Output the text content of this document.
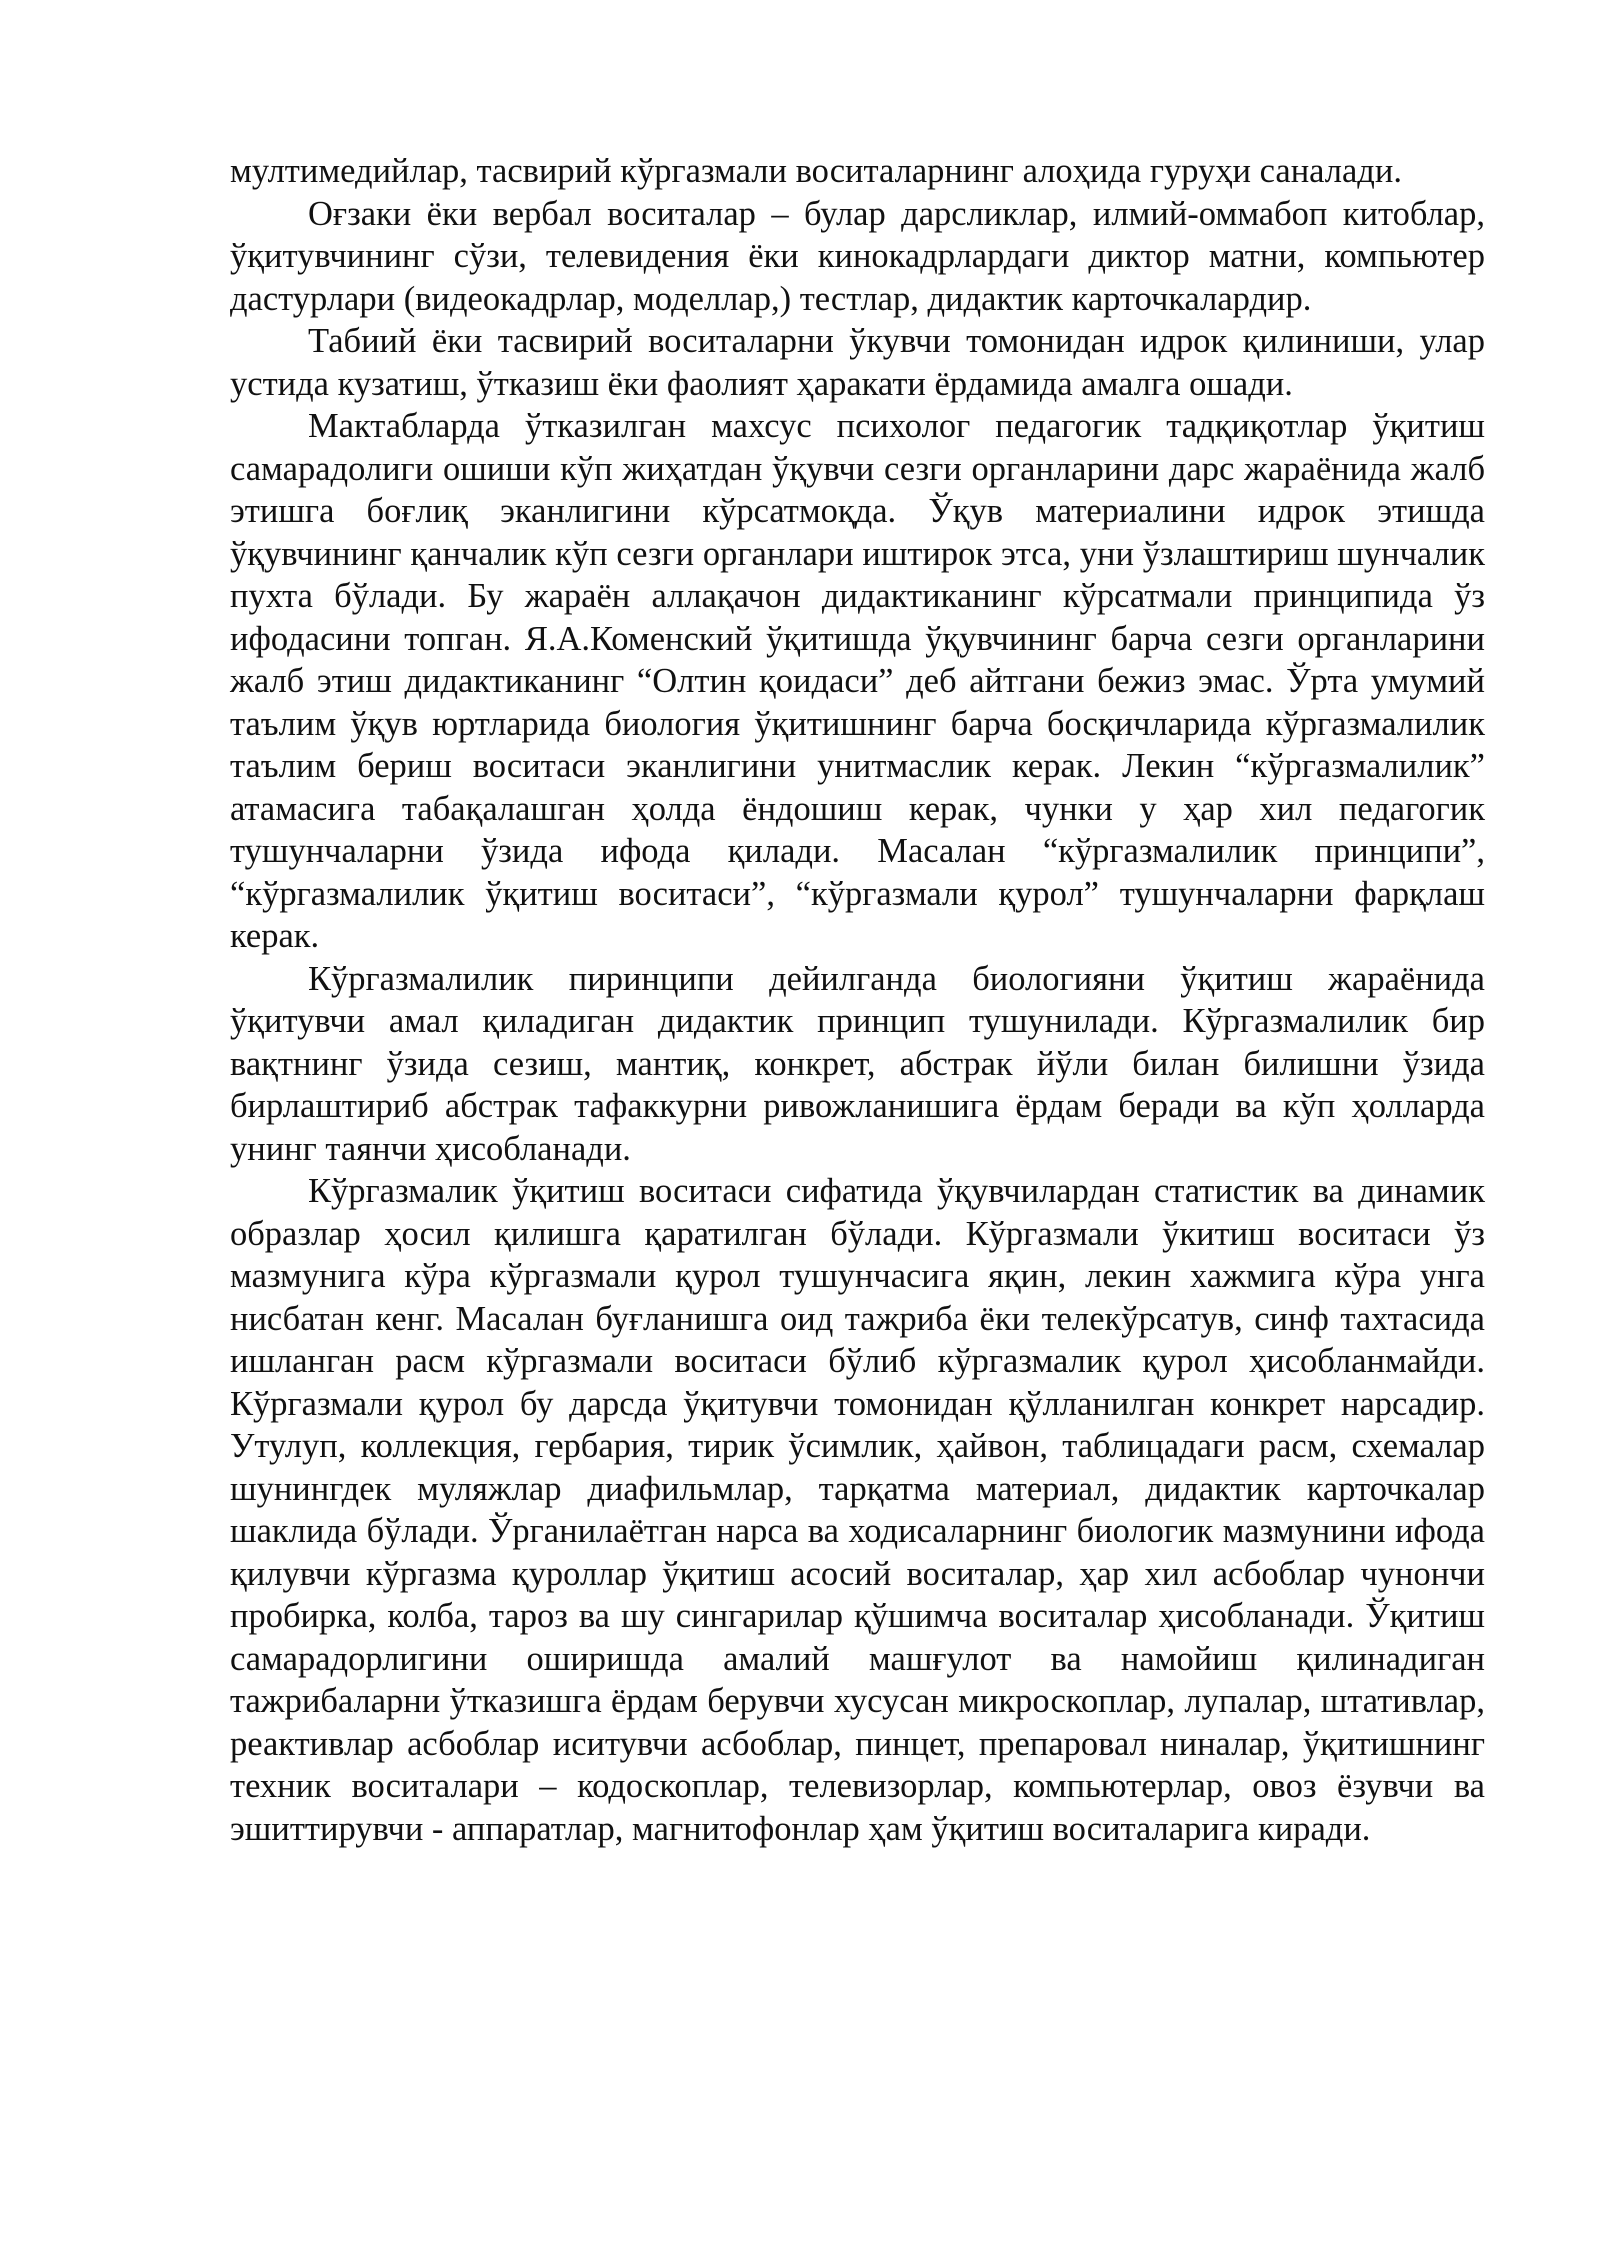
мултимедийлар, тасвирий кўргазмали воситаларнинг алоҳида гуруҳи саналади.

Оғзаки ёки вербал воситалар – булар дарсликлар, илмий-оммабоп китоблар, ўқитувчининг сўзи, телевидения ёки кинокадрлардаги диктор матни, компьютер дастурлари (видеокадрлар, моделлар,) тестлар, дидактик карточкалардир.

Табиий ёки тасвирий воситаларни ўкувчи томонидан идрок қилиниши, улар устида кузатиш, ўтказиш ёки фаолият ҳаракати ёрдамида амалга ошади.

Мактабларда ўтказилган махсус психолог педагогик тадқиқотлар ўқитиш самарадолиги ошиши кўп жиҳатдан ўқувчи сезги органларини дарс жараёнида жалб этишга боғлиқ эканлигини кўрсатмоқда. Ўқув материалини идрок этишда ўқувчининг қанчалик кўп сезги органлари иштирок этса, уни ўзлаштириш шунчалик пухта бўлади. Бу жараён аллақачон дидактиканинг кўрсатмали принципида ўз ифодасини топган. Я.А.Коменский ўқитишда ўқувчининг барча сезги органларини жалб этиш дидактиканинг “Олтин қоидаси” деб айтгани бежиз эмас. Ўрта умумий таълим ўқув юртларида биология ўқитишнинг барча босқичларида кўргазмалилик таълим бериш воситаси эканлигини унитмаслик керак. Лекин “кўргазмалилик” атамасига табақалашган ҳолда ёндошиш керак, чунки у ҳар хил педагогик тушунчаларни ўзида ифода қилади. Масалан “кўргазмалилик принципи”, “кўргазмалилик ўқитиш воситаси”, “кўргазмали қурол” тушунчаларни фарқлаш керак.

Кўргазмалилик пиринципи дейилганда биологияни ўқитиш жараёнида ўқитувчи амал қиладиган дидактик принцип тушунилади. Кўргазмалилик бир вақтнинг ўзида сезиш, мантиқ, конкрет, абстрак йўли билан билишни ўзида бирлаштириб абстрак тафаккурни ривожланишига ёрдам беради ва кўп ҳолларда унинг таянчи ҳисобланади.

Кўргазмалик ўқитиш воситаси сифатида ўқувчилардан статистик ва динамик образлар ҳосил қилишга қаратилган бўлади. Кўргазмали ўкитиш воситаси ўз мазмунига кўра кўргазмали қурол тушунчасига яқин, лекин хажмига кўра унга нисбатан кенг. Масалан буғланишга оид тажриба ёки телекўрсатув, синф тахтасида ишланган расм кўргазмали воситаси бўлиб кўргазмалик қурол ҳисобланмайди. Кўргазмали қурол бу дарсда ўқитувчи томонидан қўлланилган конкрет нарсадир. Утулуп, коллекция, гербария, тирик ўсимлик, ҳайвон, таблицадаги расм, схемалар шунингдек муляжлар диафильмлар, тарқатма материал, дидактик карточкалар шаклида бўлади. Ўрганилаётган нарса ва ходисаларнинг биологик мазмунини ифода қилувчи кўргазма қуроллар ўқитиш асосий воситалар, ҳар хил асбоблар чунончи пробирка, колба, тароз ва шу сингарилар қўшимча воситалар ҳисобланади. Ўқитиш самарадорлигини оширишда амалий машғулот ва намойиш қилинадиган тажрибаларни ўтказишга ёрдам берувчи хусусан микроскоплар, лупалар, штативлар, реактивлар асбоблар иситувчи асбоблар, пинцет, препаровал ниналар, ўқитишнинг техник воситалари – кодоскоплар, телевизорлар, компьютерлар, овоз ёзувчи ва эшиттирувчи - аппаратлар, магнитофонлар ҳам ўқитиш воситаларига киради.
